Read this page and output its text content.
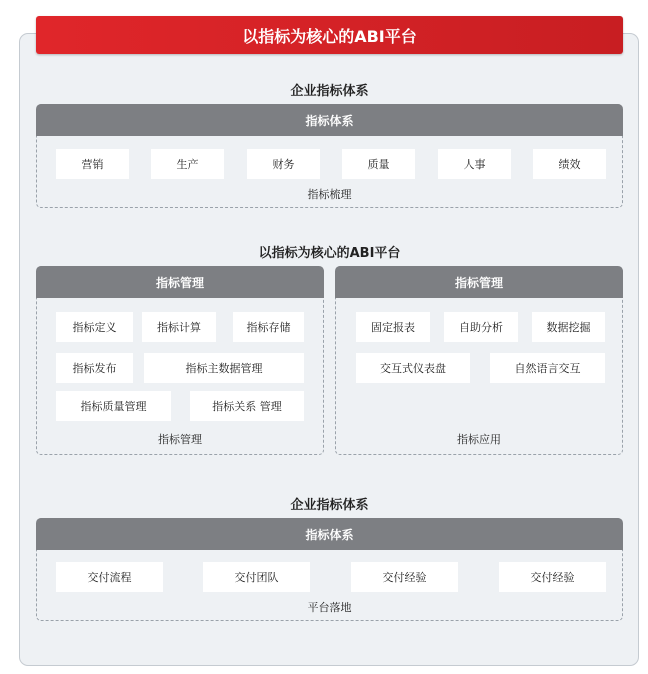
以指标为核心的ABI平台
企业指标体系
指标体系
营销	生产	财务	质量	人事	绩效
指标梳理
以指标为核心的ABI平台
指标管理
指标定义	指标计算	指标存储
指标发布	指标主数据管理
指标质量管理	指标关系 管理
指标管理
指标管理
固定报表	自助分析	数据挖掘
交互式仪表盘	自然语言交互
指标应用
企业指标体系
指标体系
交付流程	交付团队	交付经验	交付经验
平台落地
